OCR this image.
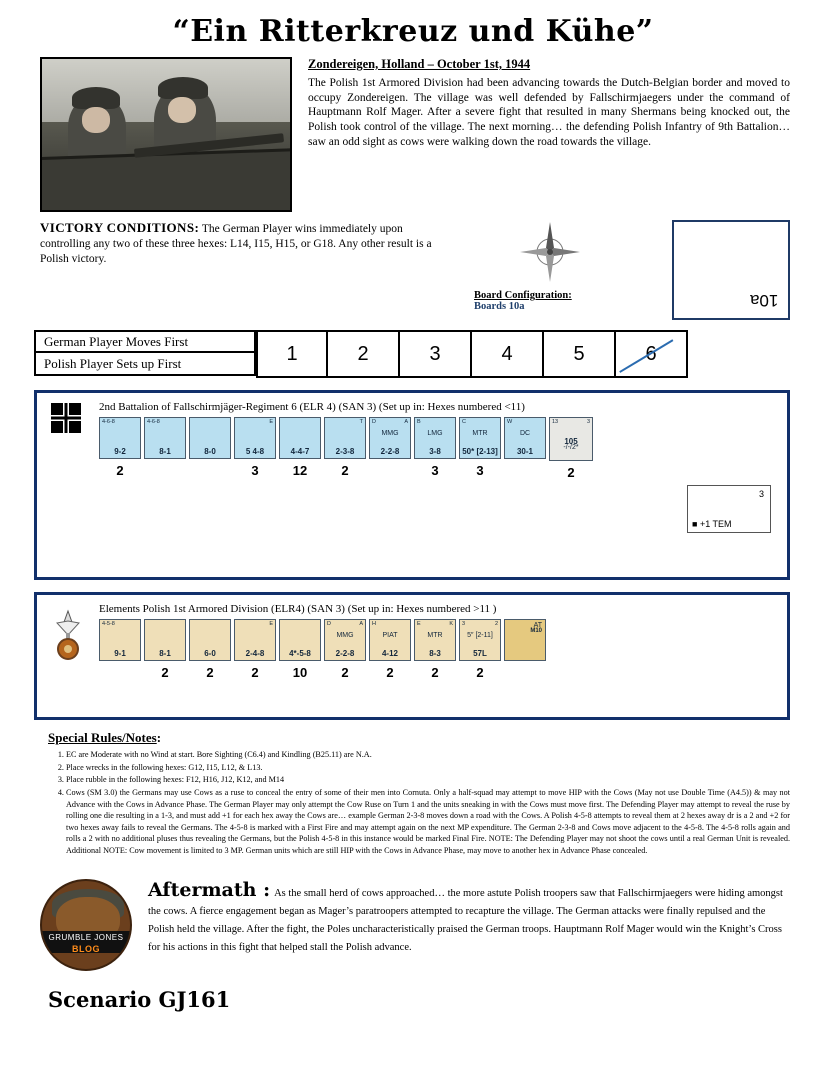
“Ein Ritterkreuz und Kühe”
Zondereigen, Holland – October 1st, 1944
The Polish 1st Armored Division had been advancing towards the Dutch-Belgian border and moved to occupy Zondereigen. The village was well defended by Fallschirmjaegers under the command of Hauptmann Rolf Mager. After a severe fight that resulted in many Shermans being knocked out, the Polish took control of the village. The next morning… the defending Polish Infantry of 9th Battalion… saw an odd sight as cows were walking down the road towards the village.
VICTORY CONDITIONS: The German Player wins immediately upon controlling any two of these three hexes: L14, I15, H15, or G18. Any other result is a Polish victory.
Board Configuration:
Boards 10a	10a
German Player Moves First
Polish Player Sets up First	1	2	3	4	5	6
2nd Battalion of Fallschirmjäger-Regiment 6 (ELR 4) (SAN 3) (Set up in: Hexes numbered <11)
4-6-8
9-2
2
4-6-8
8-1	8-0
E
5 4-8
3
4-4-7
12
T
2-3-8
2
D	A
MMG
2-2-8
B
LMG
3-8
3
C
MTR
50* [2-13]
3
W
DC
30-1
13	3
-/-/2*
105
2
3
■ +1 TEM
Elements Polish 1st Armored Division (ELR4) (SAN 3) (Set up in: Hexes numbered >11 )
4-5-8
9-1	8-1
2
6-0
2
E
2-4-8
2
4*-5-8
10
D	A
MMG
2-2-8
2
H
PIAT
4-12
2
E	K
MTR
8-3
2
3	2
5″ [2-11]
57L
2
AT
M10
Special Rules/Notes:
1. EC are Moderate with no Wind at start. Bore Sighting (C6.4) and Kindling (B25.11) are N.A.
2. Place wrecks in the following hexes: G12, I15, L12, & L13.
3. Place rubble in the following hexes: F12, H16, J12, K12, and M14
4. Cows (SM 3.0) the Germans may use Cows as a ruse to conceal the entry of some of their men into Cornuta. Only a half-squad may attempt to move HIP with the Cows (May not use Double Time (A4.5)) & may not Advance with the Cows in Advance Phase. The German Player may only attempt the Cow Ruse on Turn 1 and the units sneaking in with the Cows must move first. The Defending Player may attempt to reveal the ruse by rolling one die resulting in a 1-3, and must add +1 for each hex away the Cows are… example German 2-3-8 moves down a road with the Cows. A Polish 4-5-8 attempts to reveal them at 2 hexes away dr is a 2 and +2 for two hexes away fails to reveal the Germans. The 4-5-8 is marked with a First Fire and may attempt again on the next MP expenditure. The German 2-3-8 and Cows move adjacent to the 4-5-8. The 4-5-8 rolls again and rolls a 2 with no additional pluses thus revealing the Germans, but the Polish 4-5-8 in this instance would be marked Final Fire. NOTE: The Defending Player may not shoot the cows until a real German Unit is revealed. Additional NOTE: Cow movement is limited to 3 MP. German units which are still HIP with the Cows in Advance Phase, may move to another hex in Advance Phase concealed.
GRUMBLE JONES
BLOG
Aftermath : As the small herd of cows approached… the more astute Polish troopers saw that Fallschirmjaegers were hiding amongst the cows. A fierce engagement began as Mager’s paratroopers attempted to recapture the village. The German attacks were finally repulsed and the Polish held the village. After the fight, the Poles uncharacteristically praised the German troops. Hauptmann Rolf Mager would win the Knight’s Cross for his actions in this fight that helped stall the Polish advance.
Scenario GJ161
